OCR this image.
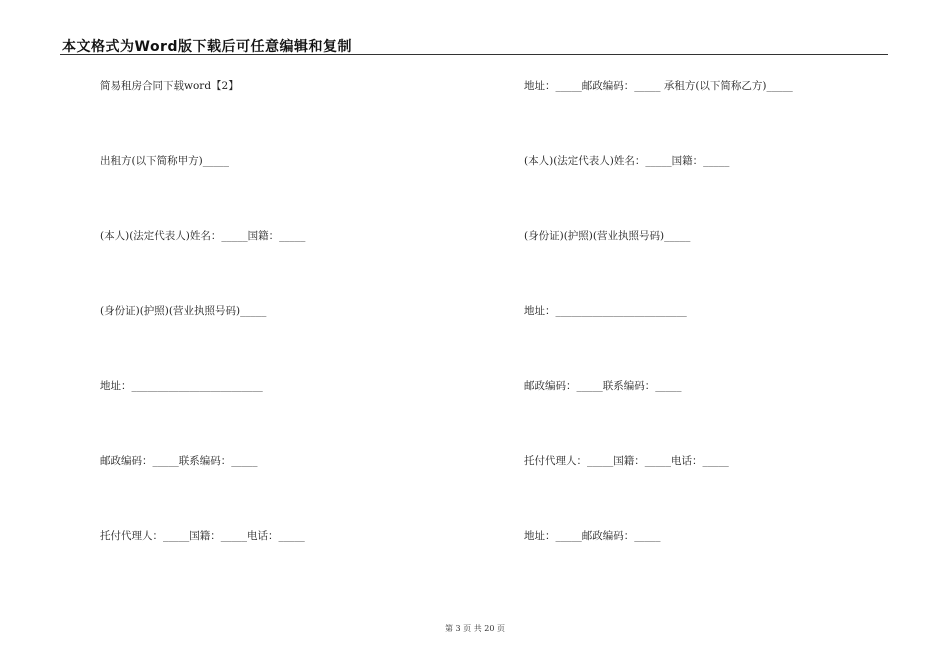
本文格式为Word版下载后可任意编辑和复制
简易租房合同下载word【2】
出租方(以下简称甲方)_____
(本人)(法定代表人)姓名：_____国籍：_____
(身份证)(护照)(营业执照号码)_____
地址：_________________________
邮政编码：_____联系编码：_____
托付代理人：_____国籍：_____电话：_____
地址：_____邮政编码：_____ 承租方(以下简称乙方)_____
(本人)(法定代表人)姓名：_____国籍：_____
(身份证)(护照)(营业执照号码)_____
地址：_________________________
邮政编码：_____联系编码：_____
托付代理人：_____国籍：_____电话：_____
地址：_____邮政编码：_____
第 3 页 共 20 页
